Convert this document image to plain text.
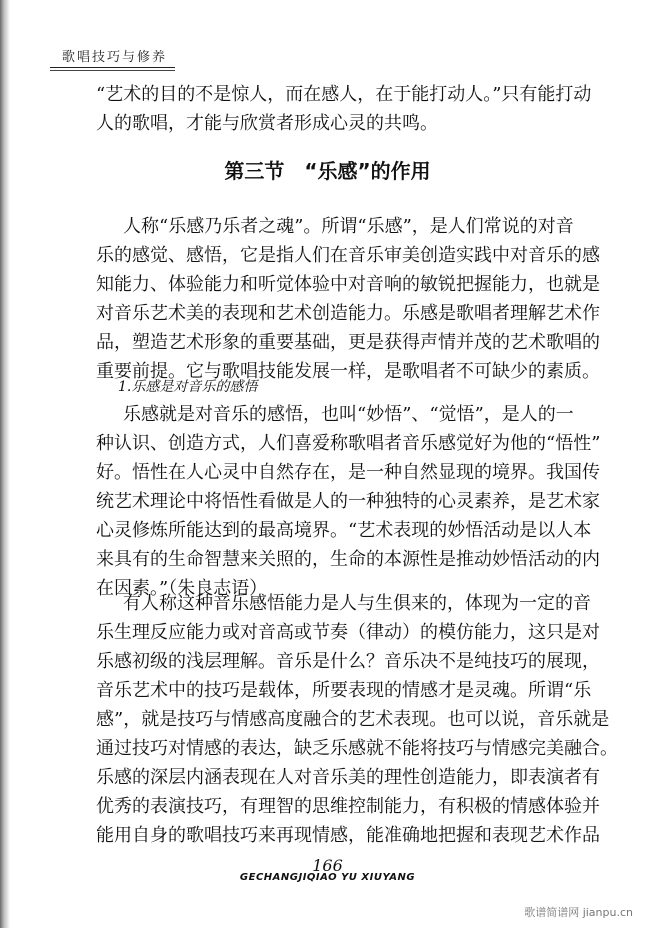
歌唱技巧与修养
“艺术的目的不是惊人，而在感人，在于能打动人。”只有能打动
人的歌唱，才能与欣赏者形成心灵的共鸣。
第三节　“乐感”的作用
人称“乐感乃乐者之魂”。所谓“乐感”，是人们常说的对音
乐的感觉、感悟，它是指人们在音乐审美创造实践中对音乐的感
知能力、体验能力和听觉体验中对音响的敏锐把握能力，也就是
对音乐艺术美的表现和艺术创造能力。乐感是歌唱者理解艺术作
品，塑造艺术形象的重要基础，更是获得声情并茂的艺术歌唱的
重要前提。它与歌唱技能发展一样，是歌唱者不可缺少的素质。
1.乐感是对音乐的感悟
乐感就是对音乐的感悟，也叫“妙悟”、“觉悟”，是人的一
种认识、创造方式，人们喜爱称歌唱者音乐感觉好为他的“悟性”
好。悟性在人心灵中自然存在，是一种自然显现的境界。我国传
统艺术理论中将悟性看做是人的一种独特的心灵素养，是艺术家
心灵修炼所能达到的最高境界。“艺术表现的妙悟活动是以人本
来具有的生命智慧来关照的，生命的本源性是推动妙悟活动的内
在因素。”（朱良志语）
有人称这种音乐感悟能力是人与生俱来的，体现为一定的音
乐生理反应能力或对音高或节奏（律动）的模仿能力，这只是对
乐感初级的浅层理解。音乐是什么？音乐决不是纯技巧的展现，
音乐艺术中的技巧是载体，所要表现的情感才是灵魂。所谓“乐
感”，就是技巧与情感高度融合的艺术表现。也可以说，音乐就是
通过技巧对情感的表达，缺乏乐感就不能将技巧与情感完美融合。
乐感的深层内涵表现在人对音乐美的理性创造能力，即表演者有
优秀的表演技巧，有理智的思维控制能力，有积极的情感体验并
能用自身的歌唱技巧来再现情感，能准确地把握和表现艺术作品
166
GECHANGJIQIAO YU XIUYANG
歌谱简谱网 jianpu.cn
